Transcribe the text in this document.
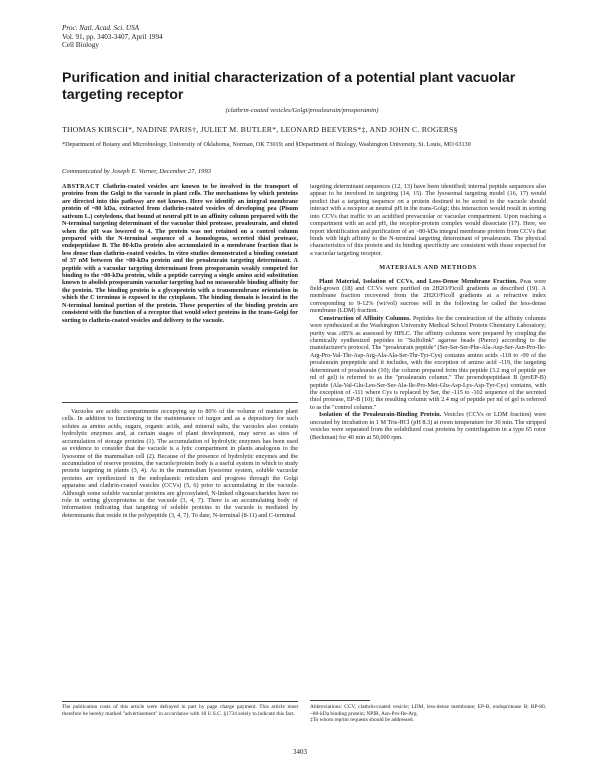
Proc. Natl. Acad. Sci. USA
Vol. 91, pp. 3403-3407, April 1994
Cell Biology
Purification and initial characterization of a potential plant vacuolar targeting receptor
(clathrin-coated vesicles/Golgi/proaleurain/prosporamin)
THOMAS KIRSCH*, NADINE PARIS†, JULIET M. BUTLER*, LEONARD BEEVERS*‡, AND JOHN C. ROGERS§
*Department of Botany and Microbiology, University of Oklahoma, Norman, OK 73019; and §Department of Biology, Washington University, St. Louis, MO 63130
Communicated by Joseph E. Varner, December 27, 1993

ABSTRACT Clathrin-coated vesicles are known to be involved in the transport of proteins from the Golgi to the vacuole in plant cells. The mechanisms by which proteins are directed into this pathway are not known. Here we identify an integral membrane protein of ~80 kDa, extracted from clathrin-coated vesicles of developing pea (Pisum sativum L.) cotyledons, that bound at neutral pH to an affinity column prepared with the N-terminal targeting determinant of the vacuolar thiol protease, proaleurain, and eluted when the pH was lowered to 4. The protein was not retained on a control column prepared with the N-terminal sequence of a homologous, secreted thiol protease, endopeptidase B. The 80-kDa protein also accumulated in a membrane fraction that is less dense than clathrin-coated vesicles. In vitro studies demonstrated a binding constant of 37 nM between the ~80-kDa protein and the proaleurain targeting determinant. A peptide with a vacuolar targeting determinant from prosporamin weakly competed for binding to the ~80-kDa protein, while a peptide carrying a single amino acid substitution known to abolish prosporamin vacuolar targeting had no measurable binding affinity for the protein. The binding protein is a glycoprotein with a transmembrane orientation in which the C terminus is exposed to the cytoplasm. The binding domain is located in the N-terminal luminal portion of the protein. These properties of the binding protein are consistent with the function of a receptor that would select proteins in the trans-Golgi for sorting to clathrin-coated vesicles and delivery to the vacuole.

Vacuoles are acidic compartments occupying up to 80% of the volume of mature plant cells. In addition to functioning in the maintenance of turgor and as a depository for such solutes as amino acids, sugars, organic acids, and mineral salts, the vacuoles also contain hydrolytic enzymes and, at certain stages of plant development, may serve as sites of accumulation of storage proteins (1). The accumulation of hydrolytic enzymes has been used as evidence to consider that the vacuole is a lytic compartment in plants analogous to the lysosome of the mammalian cell (2). Because of the presence of hydrolytic enzymes and the accumulation of reserve proteins, the vacuole/protein body is a useful system in which to study protein targeting in plants (3, 4). As in the mammalian lysosome system, soluble vacuolar proteins are synthesized in the endoplasmic reticulum and progress through the Golgi apparatus and clathrin-coated vesicles (CCVs) (5, 6) prior to accumulating in the vacuole. Although some soluble vacuolar proteins are glycosylated, N-linked oligosaccharides have no role in sorting glycoproteins to the vacuole (3, 4, 7). There is an accumulating body of information indicating that targeting of soluble proteins to the vacuole is mediated by determinants that reside in the polypeptide (3, 4, 7). To date, N-terminal (8-11) and C-terminal

The publication costs of this article were defrayed in part by page charge payment. This article must therefore be hereby marked "advertisement" in accordance with 18 U.S.C. §1734 solely to indicate this fact.

targeting determinant sequences (12, 13) have been identified; internal peptide sequences also appear to be involved in targeting (14, 15). The lysosomal targeting model (16, 17) would predict that a targeting sequence on a protein destined to be sorted to the vacuole should interact with a receptor at neutral pH in the trans-Golgi; this interaction would result in sorting into CCVs that traffic to an acidified prevacuolar or vacuolar compartment. Upon reaching a compartment with an acid pH, the receptor-protein complex would dissociate (17). Here, we report identification and purification of an ~80-kDa integral membrane protein from CCVs that binds with high affinity to the N-terminal targeting determinant of proaleurain. The physical characteristics of this protein and its binding specificity are consistent with those expected for a vacuolar targeting receptor.

MATERIALS AND METHODS

Plant Material, Isolation of CCVs, and Less-Dense Membrane Fraction. Peas were field-grown (18) and CCVs were purified on 2H2O/Ficoll gradients as described (19). A membrane fraction recovered from the 2H2O/Ficoll gradients at a refractive index corresponding to 9-12% (wt/vol) sucrose will in the following be called the less-dense membrane (LDM) fraction.

Construction of Affinity Columns. Peptides for the construction of the affinity columns were synthesized at the Washington University Medical School Protein Chemistry Laboratory; purity was ≥85% as assessed by HPLC. The affinity columns were prepared by coupling the chemically synthesized peptides to "Sulfolink" agarose beads (Pierce) according to the manufacturer's protocol. The "proaleurain peptide" (Ser-Ser-Ser-Phe-Ala-Asp-Ser-Asn-Pro-Ile-Arg-Pro-Val-Thr-Asp-Arg-Ala-Ala-Ser-Thr-Tyr-Cys) contains amino acids -118 to -99 of the proaleurain prepeptide and it includes, with the exception of amino acid -119, the targeting determinant of proaleurain (10); the column prepared from this peptide (3.2 mg of peptide per ml of gel) is referred to as the "proaleurain column." The proendopeptidase B (proEP-B) peptide (Ala-Val-Glu-Leu-Ser-Ser-Ala-Ile-Pro-Met-Glu-Asp-Lys-Asp-Tyr-Cys) contains, with the exception of -111 where Cys is replaced by Ser, the -115 to -102 sequence of the secreted thiol protease, EP-B (10); the resulting column with 2.4 mg of peptide per ml of gel is referred to as the "control column."

Isolation of the Proaleurain-Binding Protein. Vesicles (CCVs or LDM fraction) were uncoated by incubation in 1 M Tris-HCl (pH 8.3) at room temperature for 30 min. The stripped vesicles were separated from the solubilized coat proteins by centrifugation in a type 65 rotor (Beckman) for 40 min at 50,000 rpm.

Abbreviations: CCV, clathrin-coated vesicle; LDM, less-dense membrane; EP-B, endoprotease B; BP-80, ~80-kDa binding protein; NPIR, Asn-Pro-Ile-Arg.
‡To whom reprint requests should be addressed.
3403
